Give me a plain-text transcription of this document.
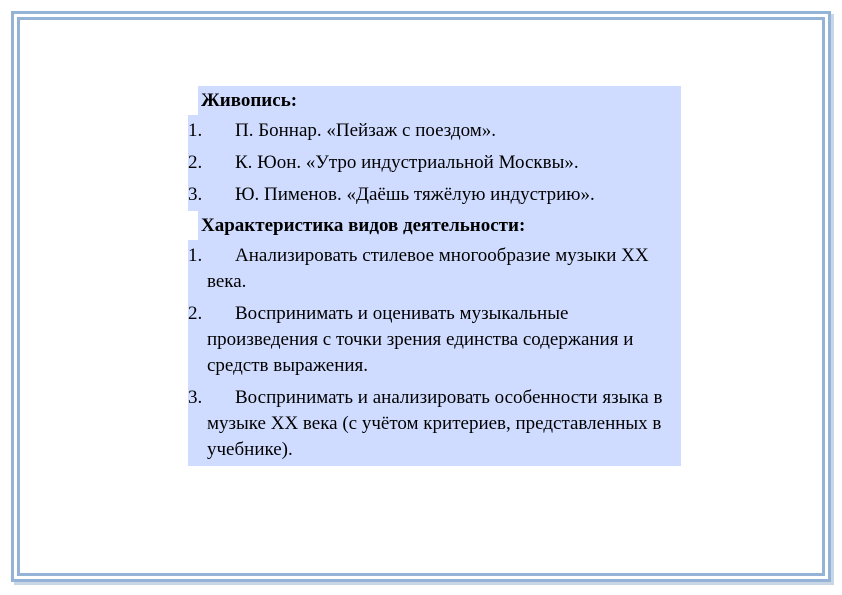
Живопись:
1.	П. Боннар. «Пейзаж с поездом».
2.	К. Юон. «Утро индустриальной Москвы».
3.	Ю. Пименов. «Даёшь тяжёлую индустрию».
Характеристика видов деятельности:
1.	Анализировать стилевое многообразие музыки XX века.
2.	Воспринимать и оценивать музыкальные произведения с точки зрения единства содержания и средств выражения.
3.	Воспринимать и анализировать особенности языка в музыке XX века (с учётом критериев, представленных в учебнике).
